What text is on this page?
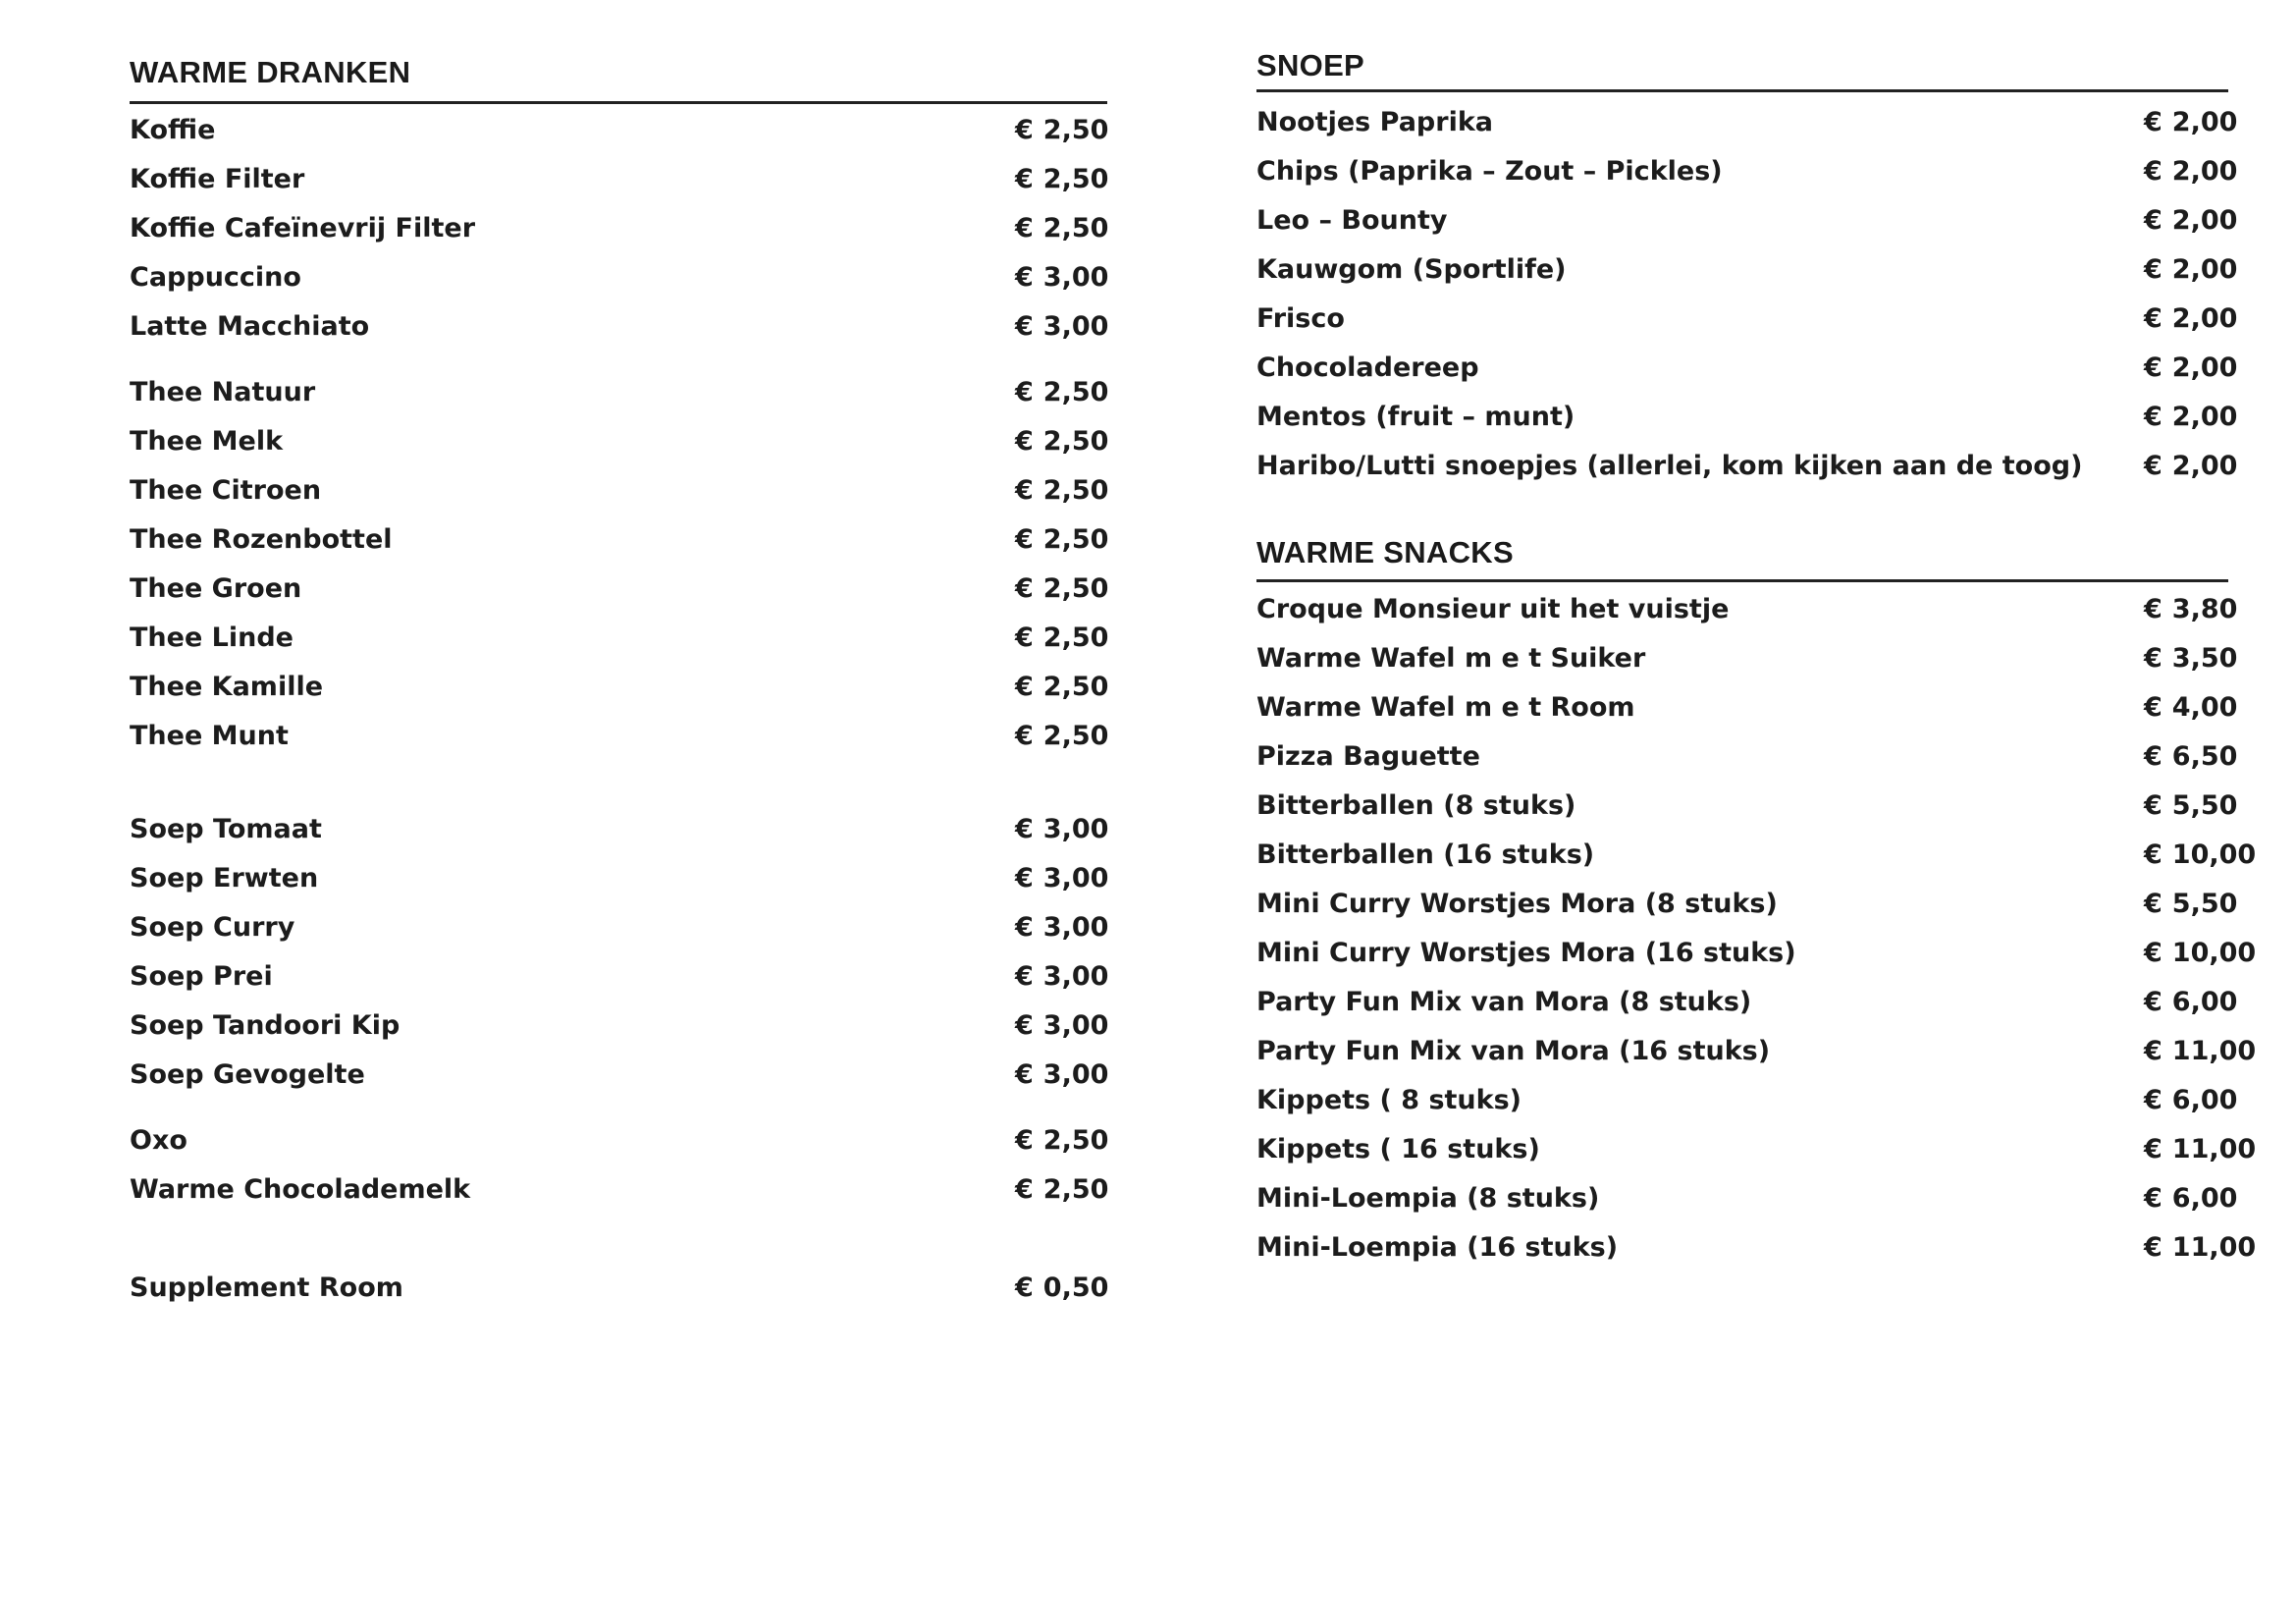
WARME DRANKEN
Koffie	€ 2,50
Koffie Filter	€ 2,50
Koffie Cafeïnevrij Filter	€ 2,50
Cappuccino	€ 3,00
Latte Macchiato	€ 3,00
Thee Natuur	€ 2,50
Thee Melk	€ 2,50
Thee Citroen	€ 2,50
Thee Rozenbottel	€ 2,50
Thee Groen	€ 2,50
Thee Linde	€ 2,50
Thee Kamille	€ 2,50
Thee Munt	€ 2,50
Soep Tomaat	€ 3,00
Soep Erwten	€ 3,00
Soep Curry	€ 3,00
Soep Prei	€ 3,00
Soep Tandoori Kip	€ 3,00
Soep Gevogelte	€ 3,00
Oxo	€ 2,50
Warme Chocolademelk	€ 2,50
Supplement Room	€ 0,50
SNOEP
Nootjes Paprika	€ 2,00
Chips (Paprika – Zout – Pickles)	€ 2,00
Leo – Bounty	€ 2,00
Kauwgom (Sportlife)	€ 2,00
Frisco	€ 2,00
Chocoladereep	€ 2,00
Mentos (fruit – munt)	€ 2,00
Haribo/Lutti snoepjes (allerlei, kom kijken aan de toog) € 2,00
WARME SNACKS
Croque Monsieur uit het vuistje	€ 3,80
Warme Wafel m e t Suiker	€ 3,50
Warme Wafel m e t Room	€ 4,00
Pizza Baguette	€ 6,50
Bitterballen (8 stuks)	€ 5,50
Bitterballen (16 stuks)	€ 10,00
Mini Curry Worstjes Mora (8 stuks)	€ 5,50
Mini Curry Worstjes Mora (16 stuks)	€ 10,00
Party Fun Mix van Mora (8 stuks)	€ 6,00
Party Fun Mix van Mora (16 stuks)	€ 11,00
Kippets ( 8 stuks)	€ 6,00
Kippets ( 16 stuks)	€ 11,00
Mini-Loempia (8 stuks)	€ 6,00
Mini-Loempia (16 stuks)	€ 11,00
